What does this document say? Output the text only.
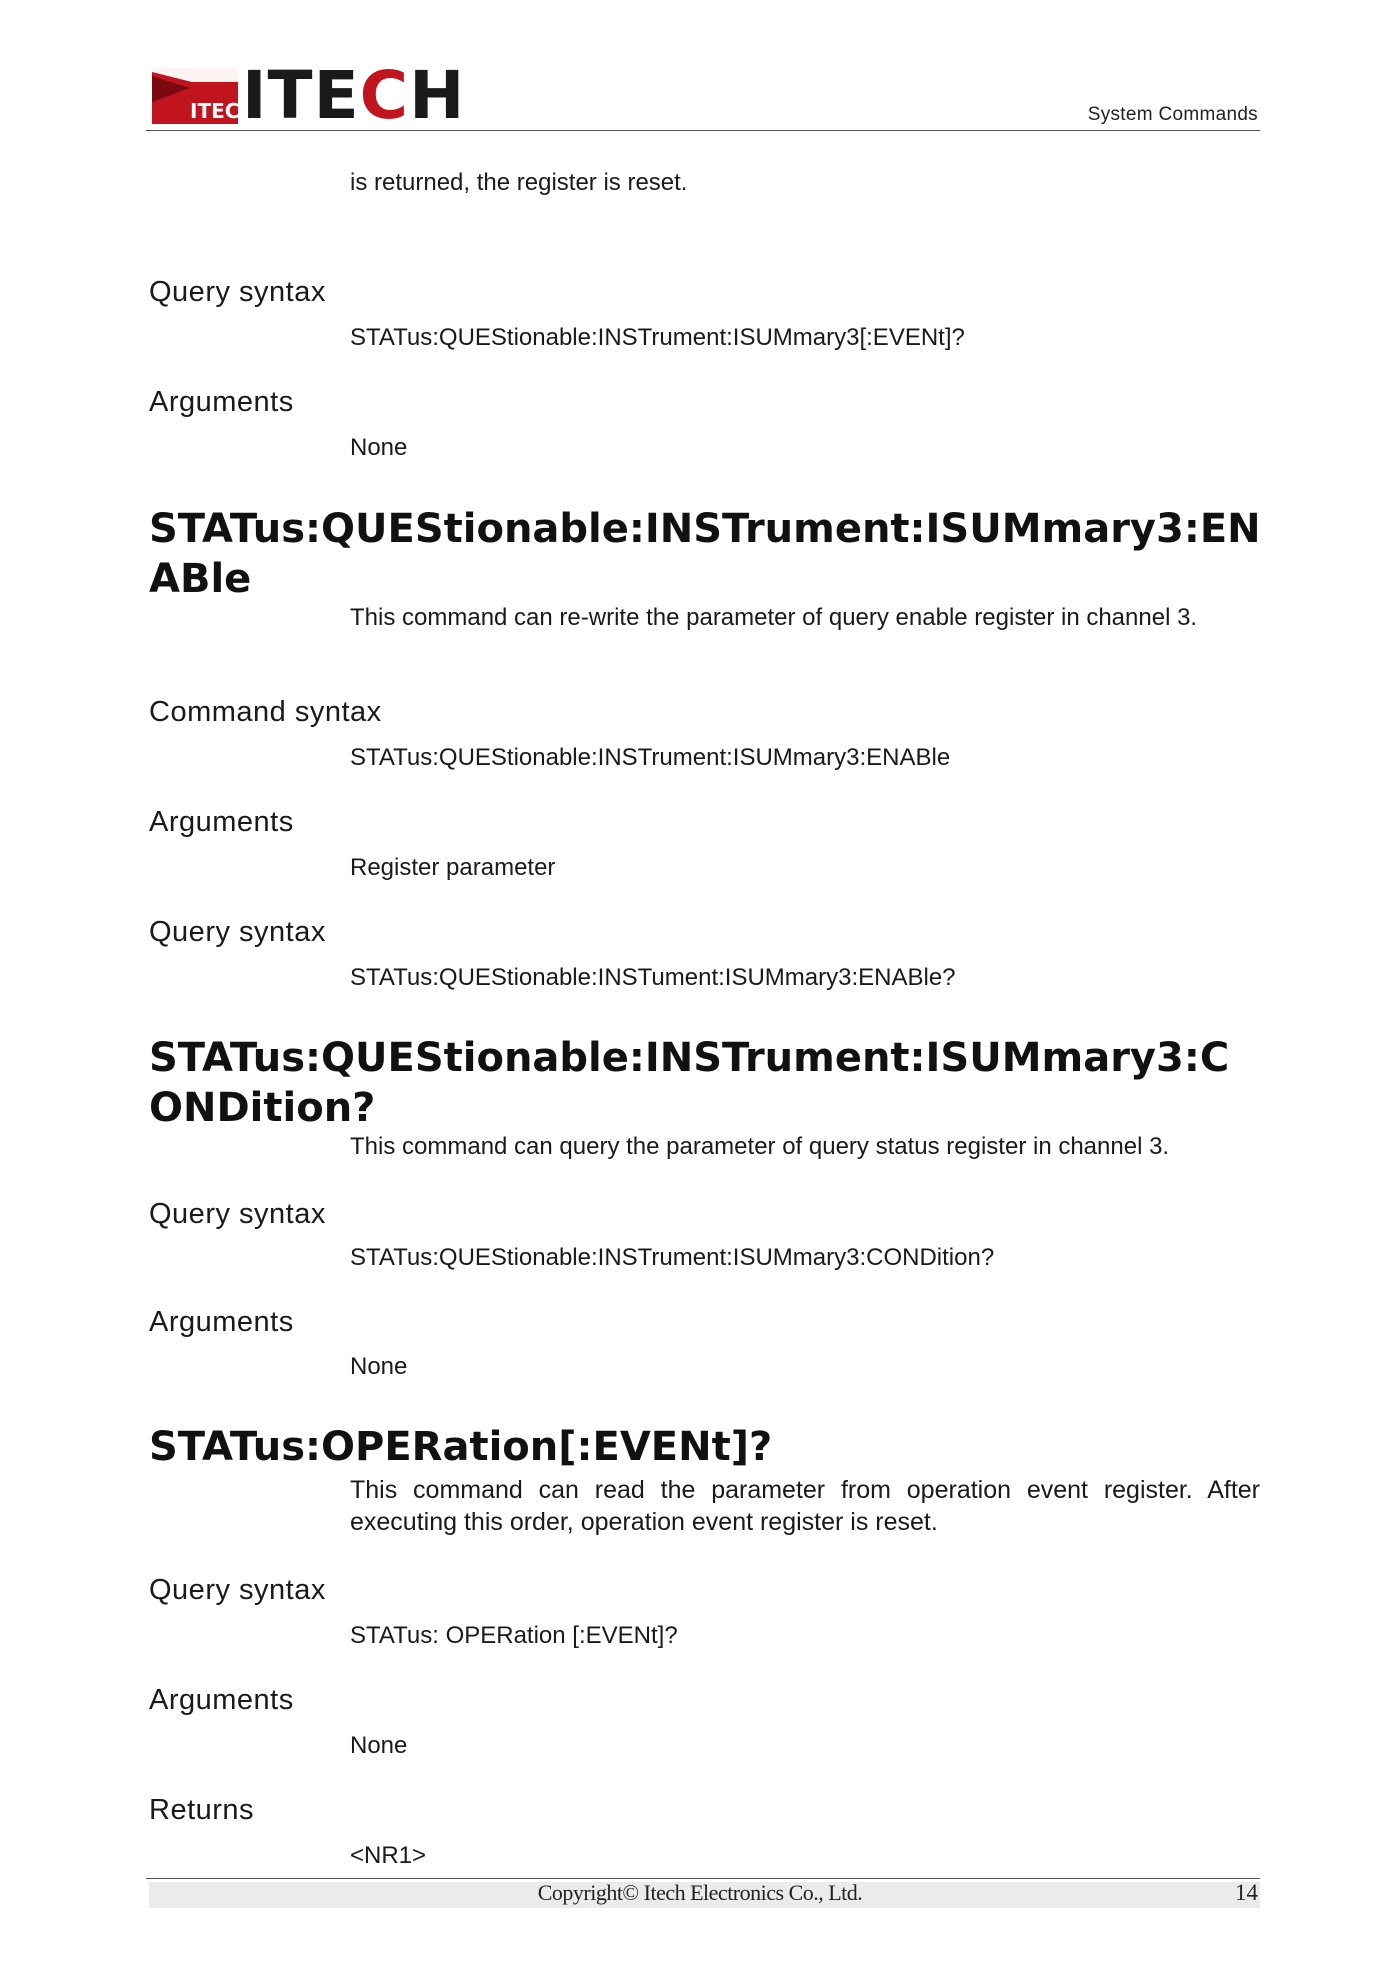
ITECH
ITECH	System Commands
is returned, the register is reset.
Query syntax
STATus:QUEStionable:INSTrument:ISUMmary3[:EVENt]?
Arguments
None
STATus:QUEStionable:INSTrument:ISUMmary3:ENABle
This command can re-write the parameter of query enable register in channel 3.
Command syntax
STATus:QUEStionable:INSTrument:ISUMmary3:ENABle
Arguments
Register parameter
Query syntax
STATus:QUEStionable:INSTument:ISUMmary3:ENABle?
STATus:QUEStionable:INSTrument:ISUMmary3:CONDition?
This command can query the parameter of query status register in channel 3.
Query syntax
STATus:QUEStionable:INSTrument:ISUMmary3:CONDition?
Arguments
None
STATus:OPERation[:EVENt]?
This command can read the parameter from operation event register. After executing this order, operation event register is reset.
Query syntax
STATus: OPERation [:EVENt]?
Arguments
None
Returns
<NR1>
Copyright© Itech Electronics Co., Ltd.	14
